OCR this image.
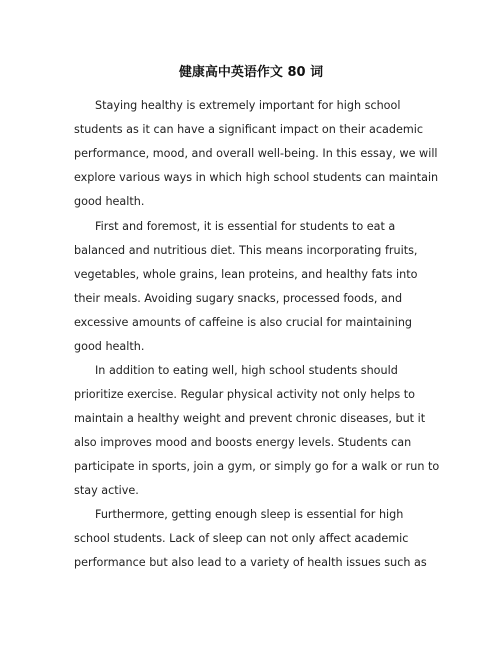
健康高中英语作文 80 词
Staying healthy is extremely important for high school
students as it can have a significant impact on their academic
performance, mood, and overall well-being. In this essay, we will
explore various ways in which high school students can maintain
good health.
First and foremost, it is essential for students to eat a
balanced and nutritious diet. This means incorporating fruits,
vegetables, whole grains, lean proteins, and healthy fats into
their meals. Avoiding sugary snacks, processed foods, and
excessive amounts of caffeine is also crucial for maintaining
good health.
In addition to eating well, high school students should
prioritize exercise. Regular physical activity not only helps to
maintain a healthy weight and prevent chronic diseases, but it
also improves mood and boosts energy levels. Students can
participate in sports, join a gym, or simply go for a walk or run to
stay active.
Furthermore, getting enough sleep is essential for high
school students. Lack of sleep can not only affect academic
performance but also lead to a variety of health issues such as
